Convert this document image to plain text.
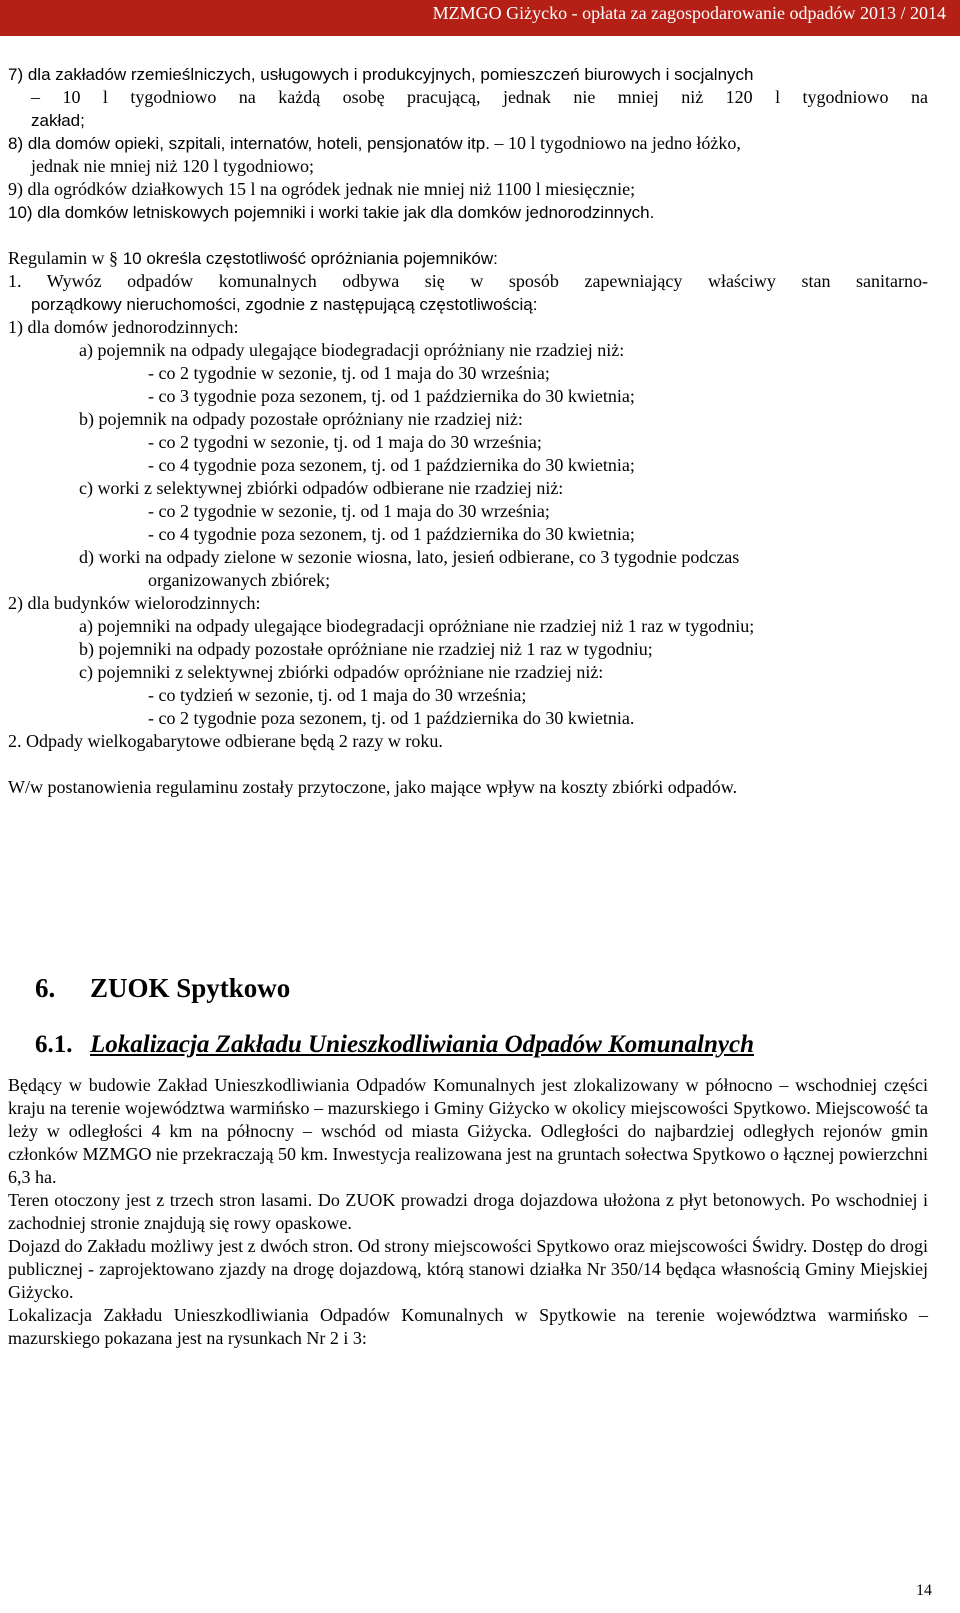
MZMGO Giżycko - opłata za zagospodarowanie odpadów 2013 / 2014
7) dla zakładów rzemieślniczych, usługowych i produkcyjnych, pomieszczeń biurowych i socjalnych
– 10 l tygodniowo na każdą osobę pracującą, jednak nie mniej niż 120 l tygodniowo na
zakład;
8) dla domów opieki, szpitali, internatów, hoteli, pensjonatów itp. – 10 l tygodniowo na jedno łóżko,
jednak nie mniej niż 120 l tygodniowo;
9) dla ogródków działkowych 15 l na ogródek jednak nie mniej niż 1100 l miesięcznie;
10) dla domków letniskowych pojemniki i worki takie jak dla domków jednorodzinnych.
Regulamin w § 10 określa częstotliwość opróżniania pojemników:
1. Wywóz odpadów komunalnych odbywa się w sposób zapewniający właściwy stan sanitarno-
porządkowy nieruchomości, zgodnie z następującą częstotliwością:
1) dla domów jednorodzinnych:
a) pojemnik na odpady ulegające biodegradacji opróżniany nie rzadziej niż:
- co 2 tygodnie w sezonie, tj. od 1 maja do 30 września;
- co 3 tygodnie poza sezonem, tj. od 1 października do 30 kwietnia;
b) pojemnik na odpady pozostałe opróżniany nie rzadziej niż:
- co 2 tygodni w sezonie, tj. od 1 maja do 30 września;
- co 4 tygodnie poza sezonem, tj. od 1 października do 30 kwietnia;
c) worki z selektywnej zbiórki odpadów odbierane nie rzadziej niż:
- co 2 tygodnie w sezonie, tj. od 1 maja do 30 września;
- co 4 tygodnie poza sezonem, tj. od 1 października do 30 kwietnia;
d) worki na odpady zielone w sezonie wiosna, lato, jesień odbierane, co 3 tygodnie podczas
organizowanych zbiórek;
2) dla budynków wielorodzinnych:
a) pojemniki na odpady ulegające biodegradacji opróżniane nie rzadziej niż 1 raz w tygodniu;
b) pojemniki na odpady pozostałe opróżniane nie rzadziej niż 1 raz w tygodniu;
c) pojemniki z selektywnej zbiórki odpadów opróżniane nie rzadziej niż:
- co tydzień w sezonie, tj. od 1 maja do 30 września;
- co 2 tygodnie poza sezonem, tj. od 1 października do 30 kwietnia.
2. Odpady wielkogabarytowe odbierane będą 2 razy w roku.
W/w postanowienia regulaminu zostały przytoczone, jako mające wpływ na koszty zbiórki odpadów.
6. ZUOK Spytkowo
6.1. Lokalizacja Zakładu Unieszkodliwiania Odpadów Komunalnych
Będący w budowie Zakład Unieszkodliwiania Odpadów Komunalnych jest zlokalizowany w północno – wschodniej części kraju na terenie województwa warmińsko – mazurskiego i Gminy Giżycko w okolicy miejscowości Spytkowo. Miejscowość ta leży w odległości 4 km na północny – wschód od miasta Giżycka. Odległości do najbardziej odległych rejonów gmin członków MZMGO nie przekraczają 50 km. Inwestycja realizowana jest na gruntach sołectwa Spytkowo o łącznej powierzchni 6,3 ha.
Teren otoczony jest z trzech stron lasami. Do ZUOK prowadzi droga dojazdowa ułożona z płyt betonowych. Po wschodniej i zachodniej stronie znajdują się rowy opaskowe.
Dojazd do Zakładu możliwy jest z dwóch stron. Od strony miejscowości Spytkowo oraz miejscowości Świdry. Dostęp do drogi publicznej - zaprojektowano zjazdy na drogę dojazdową, którą stanowi działka Nr 350/14 będąca własnością Gminy Miejskiej Giżycko.
Lokalizacja Zakładu Unieszkodliwiania Odpadów Komunalnych w Spytkowie na terenie województwa warmińsko – mazurskiego pokazana jest na rysunkach Nr 2 i 3:
14
